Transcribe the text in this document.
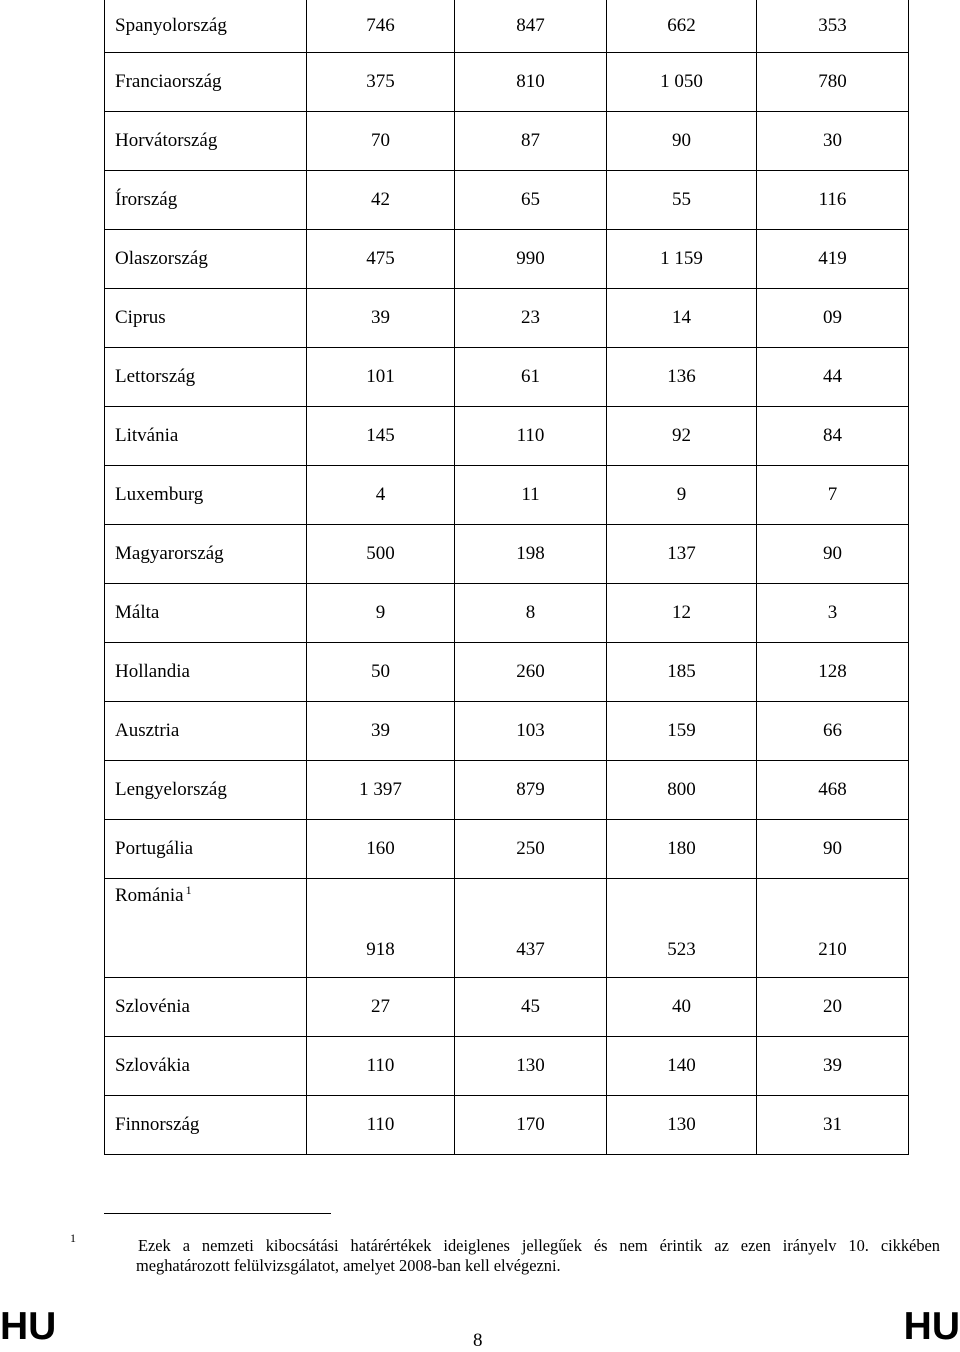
Spanyolország	746	847	662	353
Franciaország	375	810	1 050	780
Horvátország	70	87	90	30
Írország	42	65	55	116
Olaszország	475	990	1 159	419
Ciprus	39	23	14	09
Lettország	101	61	136	44
Litvánia	145	110	92	84
Luxemburg	4	11	9	7
Magyarország	500	198	137	90
Málta	9	8	12	3
Hollandia	50	260	185	128
Ausztria	39	103	159	66
Lengyelország	1 397	879	800	468
Portugália	160	250	180	90
Románia $^1$	918	437	523	210
Szlovénia	27	45	40	20
Szlovákia	110	130	140	39
Finnország	110	170	130	31
1	Ezek a nemzeti kibocsátási határértékek ideiglenes jellegűek és nem érintik az ezen irányelv 10. cikkében
meghatározott felülvizsgálatot, amelyet 2008-ban kell elvégezni.
HU	8	HU
